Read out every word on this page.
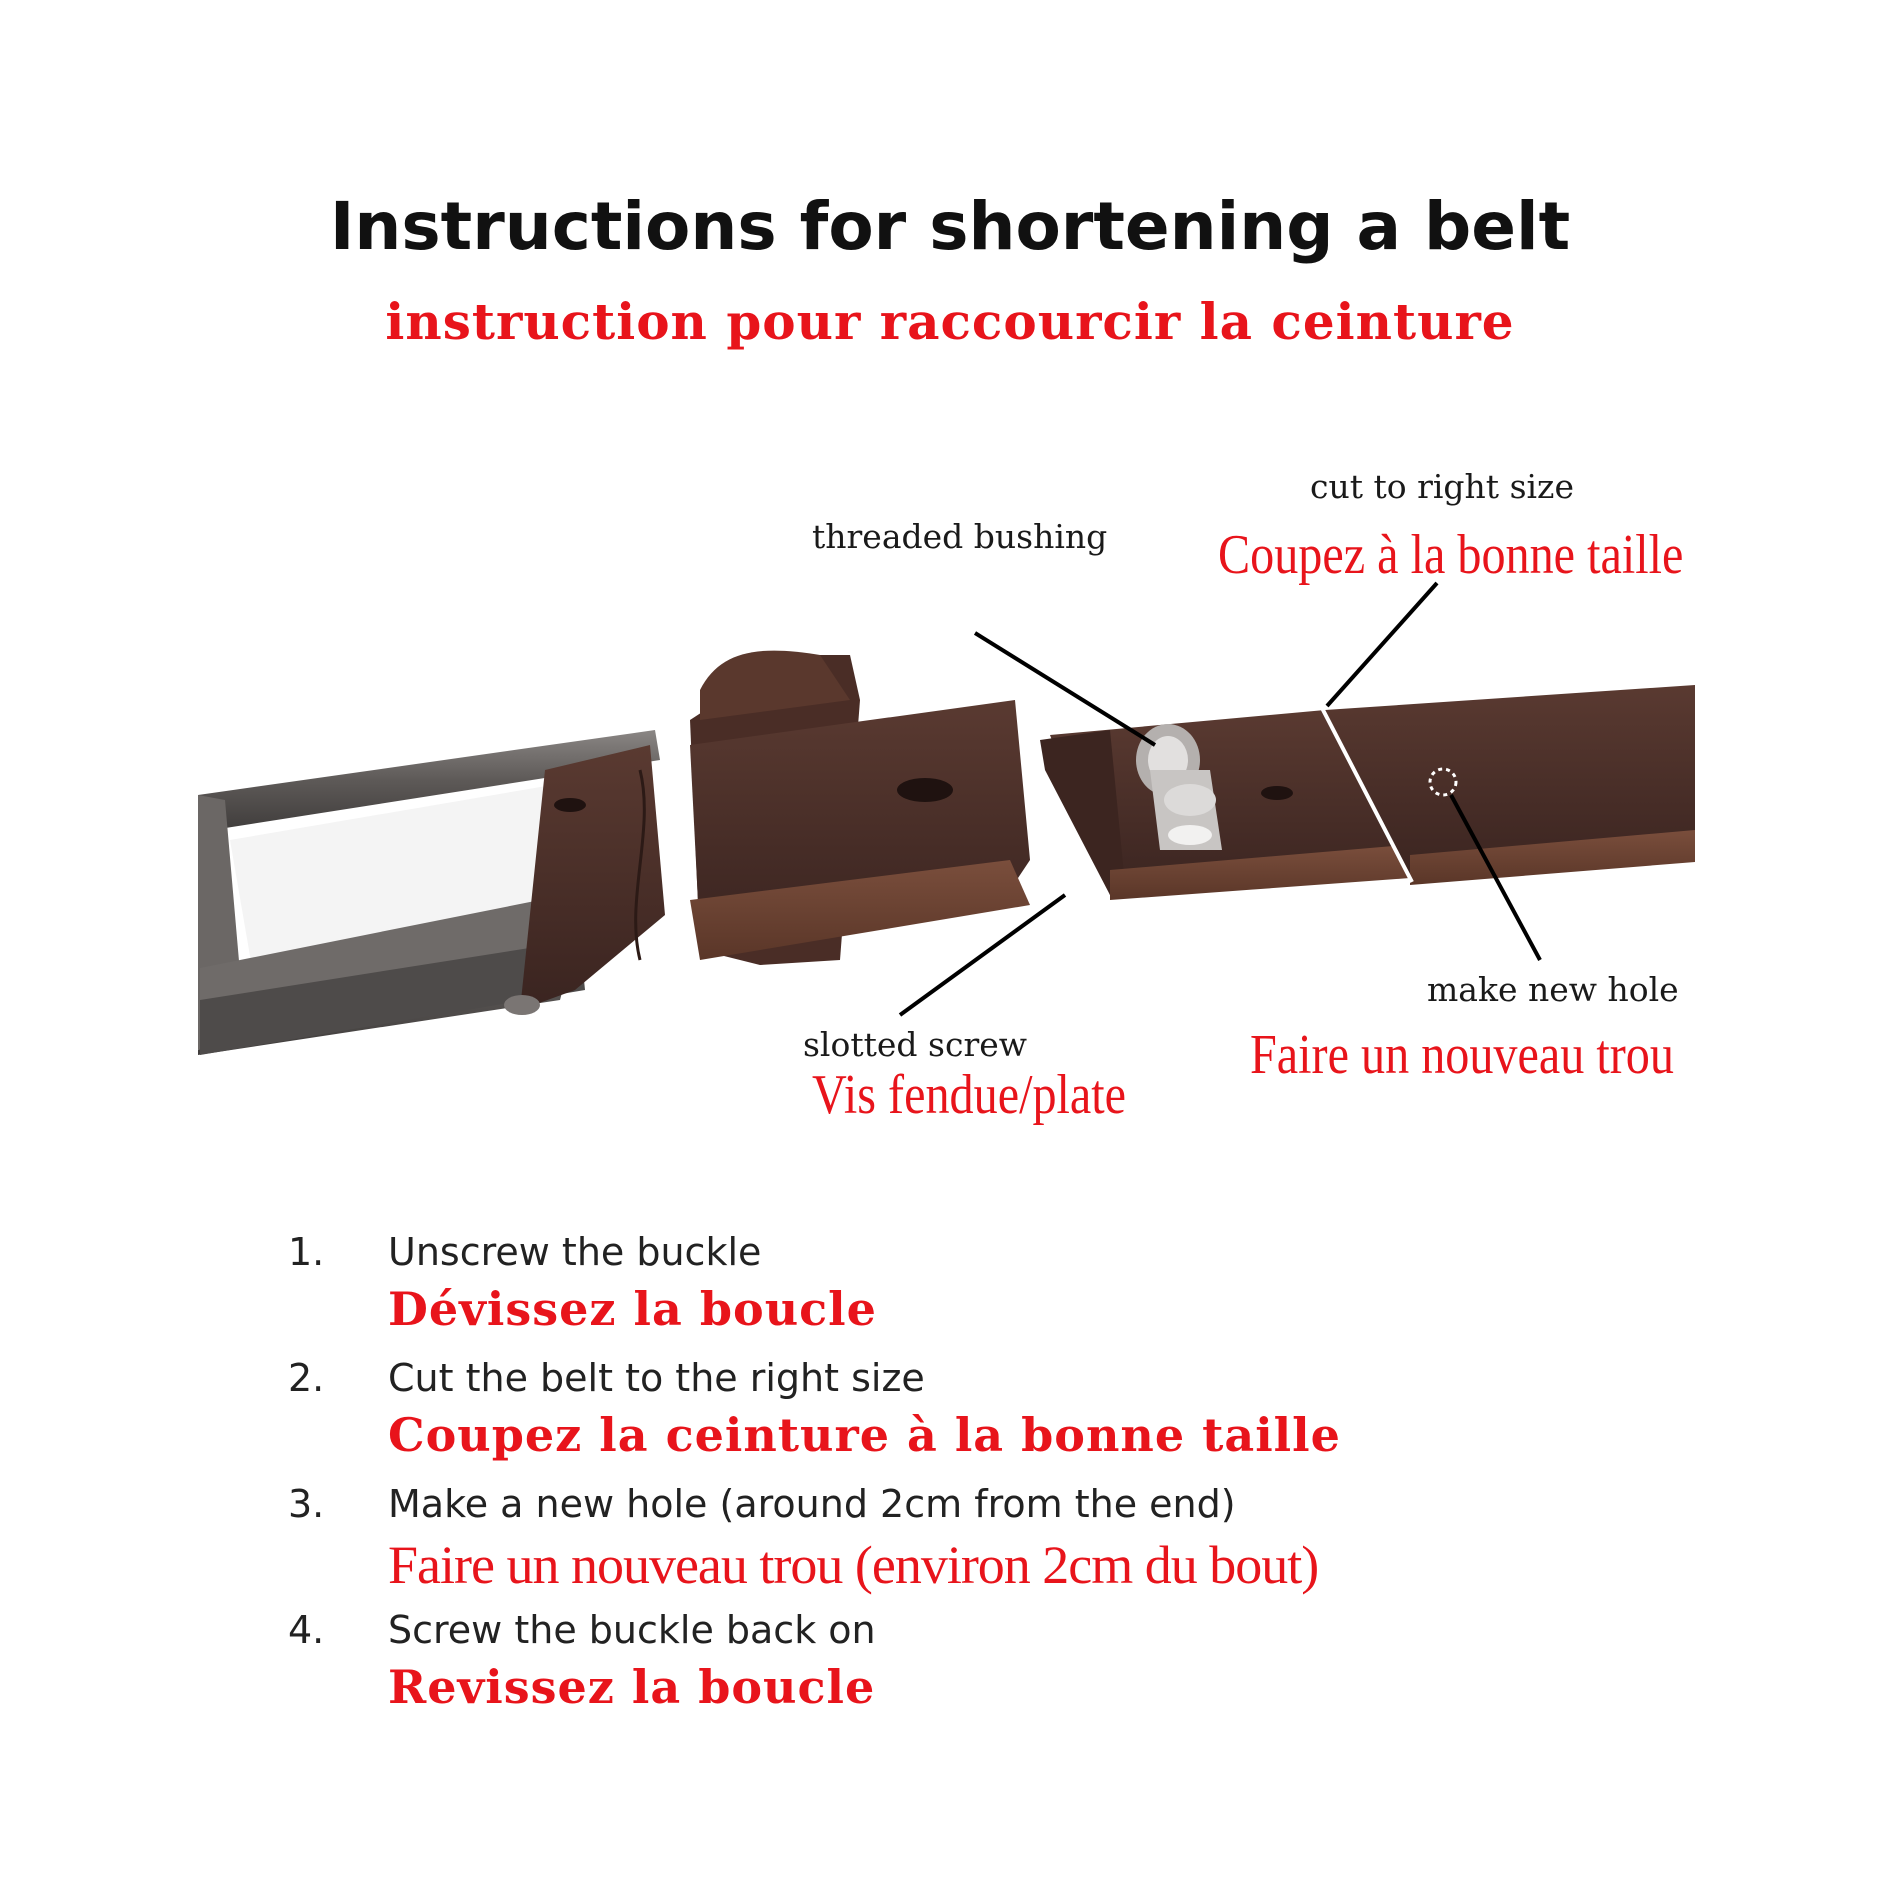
Instructions for shortening a belt
instruction pour raccourcir la ceinture
threaded bushing
cut to right size
Coupez à la bonne taille
make new hole
Faire un nouveau trou
slotted screw
Vis fendue/plate
1. Unscrew the buckle
Dévissez la boucle
2. Cut the belt to the right size
Coupez la ceinture à la bonne taille
3. Make a new hole (around 2cm from the end)
Faire un nouveau trou (environ 2cm du bout)
4. Screw the buckle back on
Revissez la boucle
